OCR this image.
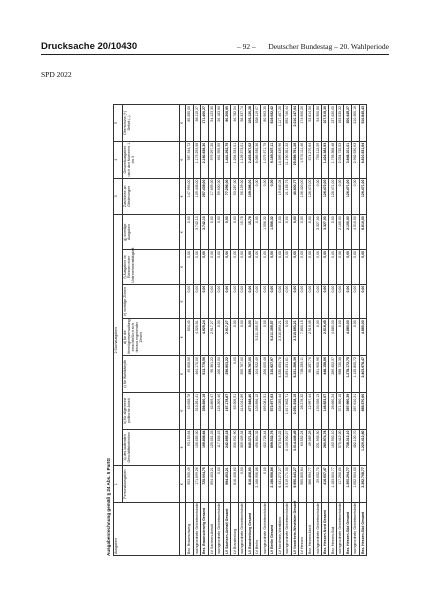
Drucksache 20/10430	– 92 – Deutscher Bundestag – 20. Wahlperiode
SPD 2022
Ausgabenrechnung gemäß § 24 Abs. 5 PartG Ausgaben	1	2 Sachausgaben							3	4	5
	Personalausgaben	a) des laufenden Geschäftsbetriebes	b) für allgemeine politische Arbeit	c) für Wahlkämpfe	d) für die Vermögensverwaltung einschließlich sich hieraus ergebender Zinsen	e) sonstige Zinsen	f) Ausgaben im Rahmen einer Unternehmenstätigkeit	g) sonstige Ausgaben	Zuschüsse an Gliederungen	Gesamtausgaben nach den Nummern 1 bis 3	Überschuss (+) Defizit (–)
	€	€	€	€	€	€	€	€	€	€	€
Bez. Braunschweig	553.305,49	93.153,64	43.658,78	49.608,56	604,43	0,00	0,00	0,00	147.994,00	987.344,72	85.285,00
nachgeordnete Gebietsverbände	171.699,26	106.655,00	313.261,41	464.170,00	4.320,81	0,00	0,00	3.742,10	109.445,00	1.173.293,58	86.115,27
Bez. Braunschweig Gesamt	725.004,75	199.808,64	356.920,19	513.778,56	4.925,24	0,00	0,00	3.742,10	257.439,00	2.160.638,30	171.400,27
LV Sachsen-Anhalt	694.403,21	125.051,03	42.869,47	96.361,22	2.917,27	0,00	0,00	0,00	17.695,00	979.297,20	54.123,30
nachgeordnete Gebietsverbände	0,00	117.604,15	124.309,40	160.442,00	0,00	0,00	0,00	0,00	59.600,00	461.955,55	26.183,60
LV Sachsen-Anhalt Gesamt	694.403,21	242.655,18	167.178,87	256.803,22	2.917,27	0,00	0,00	0,00	77.295,00	1.441.252,75	80.306,90
LV Brandenburg	816.408,60	330.931,90	63.906,51	0,00	0,00	0,00	0,00	0,00	53.287,00	1.264.534,01	46.782,54
nachgeordnete Gebietsverbände	0,00	309.439,34	414.041,89	359.767,00	0,00	0,00	0,00	15,78	56.109,00	1.139.373,01	58.337,74
LV Brandenburg Gesamt	816.408,60	640.371,24	477.948,40	359.767,00	0,00	0,00	0,00	15,78	109.396,00	2.403.907,02	105.120,28
LV Berlin	2.168.956,86	496.804,32	103.896,12	104.922,49	5.211.355,57	0,00	0,00	0,00	0,00	8.085.935,36	538.119,07
nachgeordnete Gebietsverbände	0,00	402.728,44	469.081,51	206.005,48	0,00	0,00	0,00	1.556,32	0,00	1.079.371,75	80.963,35
LV Berlin Gesamt	2.168.956,86	899.532,76	572.977,63	310.927,97	5.211.355,57	0,00	0,00	1.556,32	0,00	9.165.307,11	619.082,42
LV Nordrhein-Westfalen	6.431.272,27	873.519,22	434.055,44	4.330.054,78	2.310.893,21	0,00	0,00	0,00	19.645,04	14.399.439,96	1.117.407,20
nachgeordnete Gebietsverbände	3.519.171,00	2.140.930,27	1.617.862,71	3.891.231,61	0,00	0,00	0,00	0,00	21.155,73	11.190.351,32	892.740,44
LV Nordrhein-Westfalen Gesamt	9.950.443,27	3.014.449,49	2.051.918,15	8.221.286,39	2.310.893,21	0,00	0,00	0,00	40.800,77	25.589.791,28	2.010.147,64
LV Hessen	985.805,64	63.552,24	28.278,32	748.255,11	7.800,15	0,00	0,00	0,00	136.420,00	1.970.111,46	174.900,20
Bez. Hessen-Nord	386.954,77	49.069,28	12.997,44	96.257,70	2.519,45	0,00	0,00	0,00	126.472,00	674.270,64	52.614,50
nachgeordnete Gebietsverbände	29.052,70	231.905,50	133.926,13	351.900,96	0,00	0,00	0,00	3.327,00	0,00	750.112,29	54.900,80
Bez. Hessen-Nord Gesamt	416.007,47	280.974,78	146.923,57	448.158,66	2.519,45	0,00	0,00	3.327,00	126.472,00	1.424.382,93	107.515,30
Bez. Hessen-Süd	1.183.004,77	162.900,10	26.660,24	289.452,37	4.880,00	0,00	0,00	0,00	126.471,00	1.793.368,48	137.420,05
nachgeordnete Gebietsverbände	117.200,00	575.412,00	371.300,15	988.720,38	0,00	0,00	0,00	2.100,00	0,00	2.054.732,53	163.025,22
Bez. Hessen-Süd Gesamt	1.300.204,77	738.312,10	397.960,39	1.278.172,75	4.880,00	0,00	0,00	2.100,00	126.471,00	3.848.101,01	300.445,27
nachgeordnete Gebietsverbände	1.062.504,00	482.100,70	287.610,21	1.125.805,72	0,00	0,00	0,00	4.510,00	0,00	2.962.530,63	210.400,16
Bez. Hessen-Süd Gesamt	2.362.708,77	1.220.412,80	685.570,60	2.403.978,47	4.880,00	0,00	0,00	6.610,00	126.471,00	6.810.631,64	510.845,43
